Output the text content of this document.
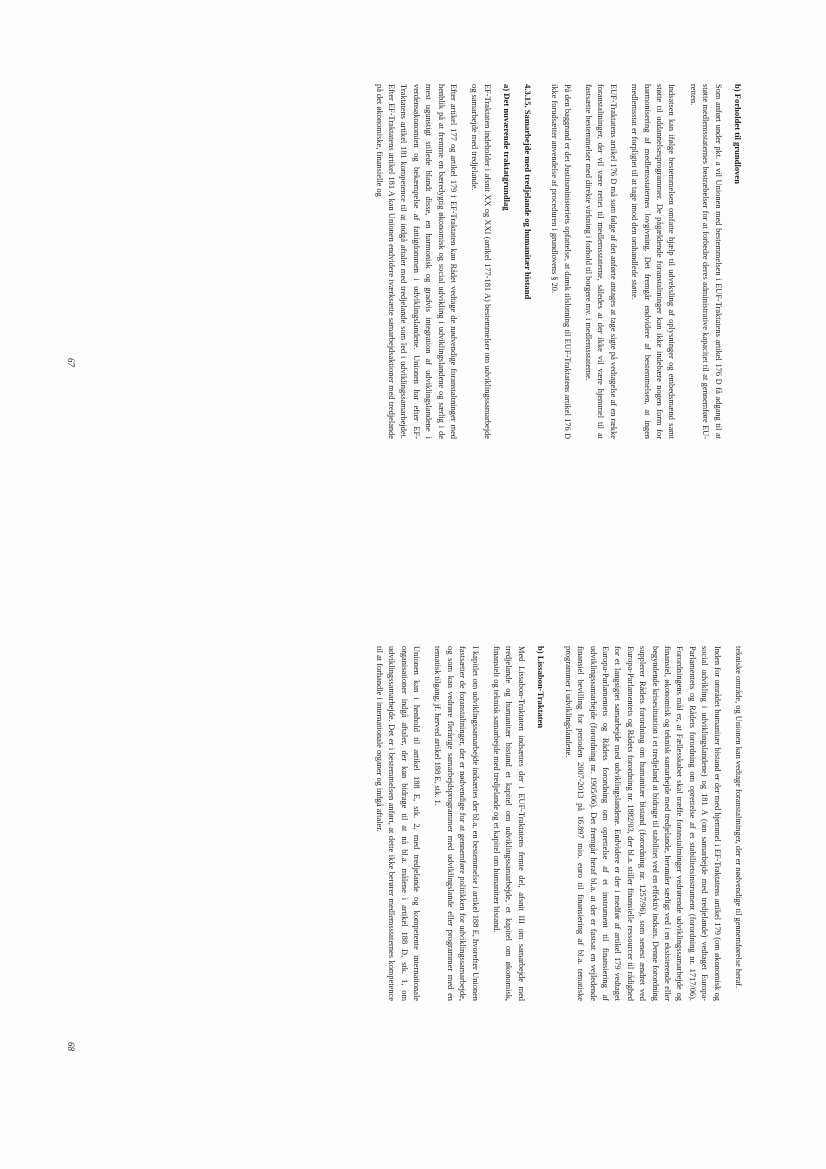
b) Forholdet til grundloven

Som anført under pkt. a vil Unionen med bestemmelsen i EUF-Traktatens artikel 176 D få adgang til at støtte medlemsstaternes bestræbelser for at forbedre deres administrative kapacitet til at gennemføre EU-retten.

Indsatsen kan ifølge bestemmelsen omfatte hjælp til udveksling af oplysninger og embedsmænd samt støtte til uddannelsesprogrammer. De pågældende foranstaltninger kan ikke indebære nogen form for harmonisering af medlemsstaternes lovgivning. Det fremgår endvidere af bestemmelsen, at ingen medlemsstat er forpligtet til at tage imod den omhandlede støtte.

EUF-Traktatens artikel 176 D må som følge af det anførte antages at tage sigte på vedtagelse af en række foranstaltninger, der vil være rettet til medlemsstaterne, således at der ikke vil være hjemmel til at fastsætte bestemmelser med direkte virkning i forhold til borgere mv. i medlemsstaterne.

På den baggrund er det Justitsministeriets opfattelse, at dansk tilslutning til EUF-Traktatens artikel 176 D ikke forudsætter anvendelse af proceduren i grundlovens § 20.

4.3.15. Samarbejde med tredjelande og humanitær bistand
a) Det nuværende traktatgrundlag

EF-Traktaten indeholder i afsnit XX og XXI (artikel 177-181 A) bestemmelser om udviklingssamarbejde og samarbejde med tredjelande.

Efter artikel 177 og artikel 179 i EF-Traktaten kan Rådet vedtage de nødvendige foranstaltninger med henblik på at fremme en bæredygtig økonomisk og social udvikling i udviklingslandene og særlig i de mest ugunstigt stillede blandt disse, en harmonisk og gradvis integration af udviklingslandene i verdensøkonomien og bekæmpelse af fattigdommen i udviklingslandene. Unionen har efter EF-Traktatens artikel 181 kompetence til at indgå aftaler med tredjelande som led i udviklingssamarbejdet. Efter EF-Traktatens artikel 181 A kan Unionen endvidere iværksætte samarbejdsaktioner med tredjelande på det økonomiske, finansielle og

67

tekniske område, og Unionen kan vedtage foranstaltninger, der er nødvendige til gennemførelse heraf.

Inden for området humanitær bistand er der med hjemmel i EF-Traktatens artikel 179 (om økonomisk og social udvikling i udviklingslandene) og 181 A (om samarbejde med tredjelande) vedtaget Europa-Parlamentets og Rådets forordning om oprettelse af et stabilitetsinstrument (forordning nr. 1717/06). Forordningens mål er, at Fællesskabet skal træffe foranstaltninger vedrørende udviklingssamarbejde og finansiel, økonomisk og teknisk samarbejde med tredjelande, herunder særligt ved i en eksisterende eller begyndende krisesituation i et tredjeland at bidrage til stabilitet ved en effektiv indsats. Denne forordning supplerer Rådets forordning om humanitær bistand (forordning nr. 1257/96), som senest ændret ved Europa-Parlamentets og Rådets forordning nr. 1882/03, der bl.a. stiller finansielle ressourcer til rådighed for et langsigtet samarbejde med udviklingslandene. Endvidere er der i medfør af artikel 179 vedtaget Europa-Parlamentets og Rådets forordning om oprettelse af et instrument til finansiering af udviklingssamarbejde (forordning nr. 1905/06). Det fremgår heraf bl.a. at der er fastsat en vejledende finansiel bevilling for perioden 2007-2013 på 16.897 mio. euro til finansiering af bl.a. tematiske programmer i udviklingslandene.

b) Lissabon-Traktaten

Med Lissabon-Traktaten indsættes der i EUF-Traktatens femte del, afsnit III om samarbejde med tredjelande og humanitær bistand et kapitel om udviklingssamarbejde, et kapitel om økonomisk, finansielt og teknisk samarbejde med tredjelande og et kapitel om humanitær bistand.

I kapitlet om udviklingssamarbejde indsættes der bl.a. en bestemmelse i artikel 188 E, hvorefter Unionen fastsætter de foranstaltninger, der er nødvendige for at gennemføre politikken for udviklingssamarbejde, og som kan vedrøre flerårige samarbejdsprogrammer med udviklingslande eller programmer med en tematisk tilgang, jf. herved artikel 188 E, stk. 1.

Unionen kan i henhold til artikel 188 E, stk. 2, med tredjelande og kompetente internationale organisationer indgå aftaler, der kan bidrage til at nå bl.a. målene i artikel 188 D, stk. 1, om udviklingssamarbejde. Det er i bestemmelsen anført, at dette ikke berører medlemsstaternes kompetence til at forhandle i internationale organer og indgå aftaler.

68
